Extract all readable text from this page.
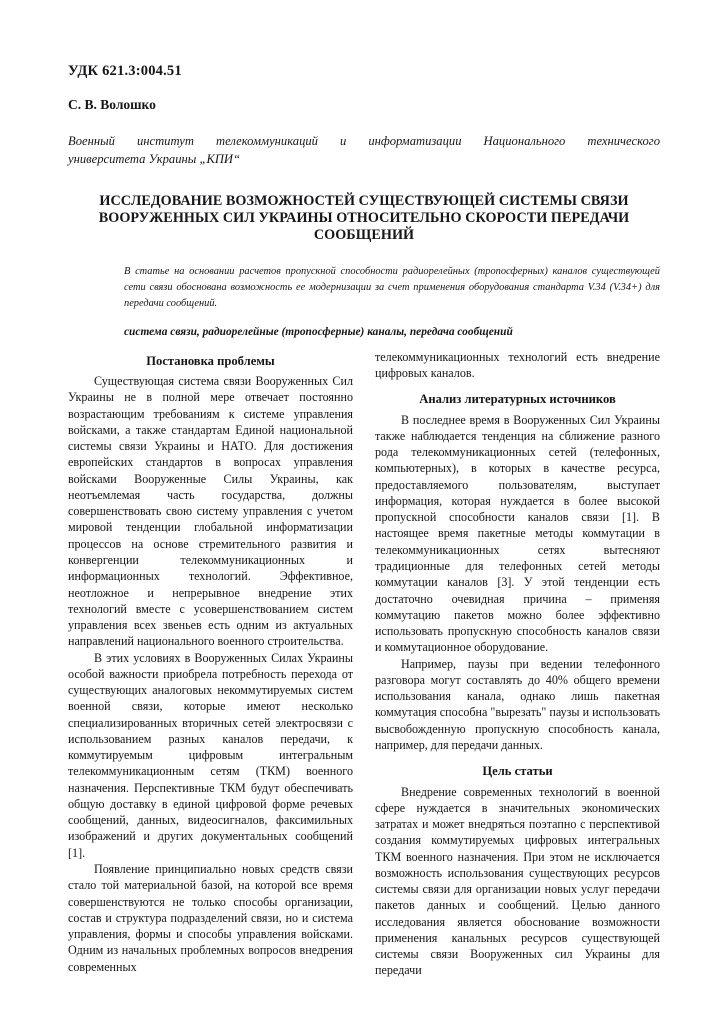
УДК 621.3:004.51
С. В. Волошко
Военный институт телекоммуникаций и информатизации Национального технического
университета Украины „КПИ“
ИССЛЕДОВАНИЕ ВОЗМОЖНОСТЕЙ СУЩЕСТВУЮЩЕЙ СИСТЕМЫ СВЯЗИ
ВООРУЖЕННЫХ СИЛ УКРАИНЫ ОТНОСИТЕЛЬНО СКОРОСТИ ПЕРЕДАЧИ
СООБЩЕНИЙ
В статье на основании расчетов пропускной способности радиорелейных (тропосферных) каналов существующей сети связи обоснована возможность ее модернизации за счет применения оборудования стандарта V.34 (V.34+) для передачи сообщений.
система связи, радиорелейные (тропосферные) каналы, передача сообщений
Постановка проблемы

Существующая система связи Вооруженных Сил Украины не в полной мере отвечает постоянно возрастающим требованиям к системе управления войсками, а также стандартам Единой национальной системы связи Украины и НАТО. Для достижения европейских стандартов в вопросах управления войсками Вооруженные Силы Украины, как неотъемлемая часть государства, должны совершенствовать свою систему управления с учетом мировой тенденции глобальной информатизации процессов на основе стремительного развития и конвергенции телекоммуникационных и информационных технологий. Эффективное, неотложное и непрерывное внедрение этих технологий вместе с усовершенствованием систем управления всех звеньев есть одним из актуальных направлений национального военного строительства.

В этих условиях в Вооруженных Силах Украины особой важности приобрела потребность перехода от существующих аналоговых некоммутируемых систем военной связи, которые имеют несколько специализированных вторичных сетей электросвязи с использованием разных каналов передачи, к коммутируемым цифровым интегральным телекоммуникационным сетям (ТКМ) военного назначения. Перспективные ТКМ будут обеспечивать общую доставку в единой цифровой форме речевых сообщений, данных, видеосигналов, факсимильных изображений и других документальных сообщений [1].

Появление принципиально новых средств связи стало той материальной базой, на которой все время совершенствуются не только способы организации, состав и структура подразделений связи, но и система управления, формы и способы управления войсками. Одним из начальных проблемных вопросов внедрения современных

телекоммуникационных технологий есть внедрение цифровых каналов.

Анализ литературных источников

В последнее время в Вооруженных Сил Украины также наблюдается тенденция на сближение разного рода телекоммуникационных сетей (телефонных, компьютерных), в которых в качестве ресурса, предоставляемого пользователям, выступает информация, которая нуждается в более высокой пропускной способности каналов связи [1]. В настоящее время пакетные методы коммутации в телекоммуникационных сетях вытесняют традиционные для телефонных сетей методы коммутации каналов [3]. У этой тенденции есть достаточно очевидная причина – применяя коммутацию пакетов можно более эффективно использовать пропускную способность каналов связи и коммутационное оборудование.

Например, паузы при ведении телефонного разговора могут составлять до 40% общего времени использования канала, однако лишь пакетная коммутация способна "вырезать" паузы и использовать высвобожденную пропускную способность канала, например, для передачи данных.

Цель статьи

Внедрение современных технологий в военной сфере нуждается в значительных экономических затратах и может внедряться поэтапно с перспективой создания коммутируемых цифровых интегральных ТКМ военного назначения. При этом не исключается возможность использования существующих ресурсов системы связи для организации новых услуг передачи пакетов данных и сообщений. Целью данного исследования является обоснование возможности применения канальных ресурсов существующей системы связи Вооруженных сил Украины для передачи
